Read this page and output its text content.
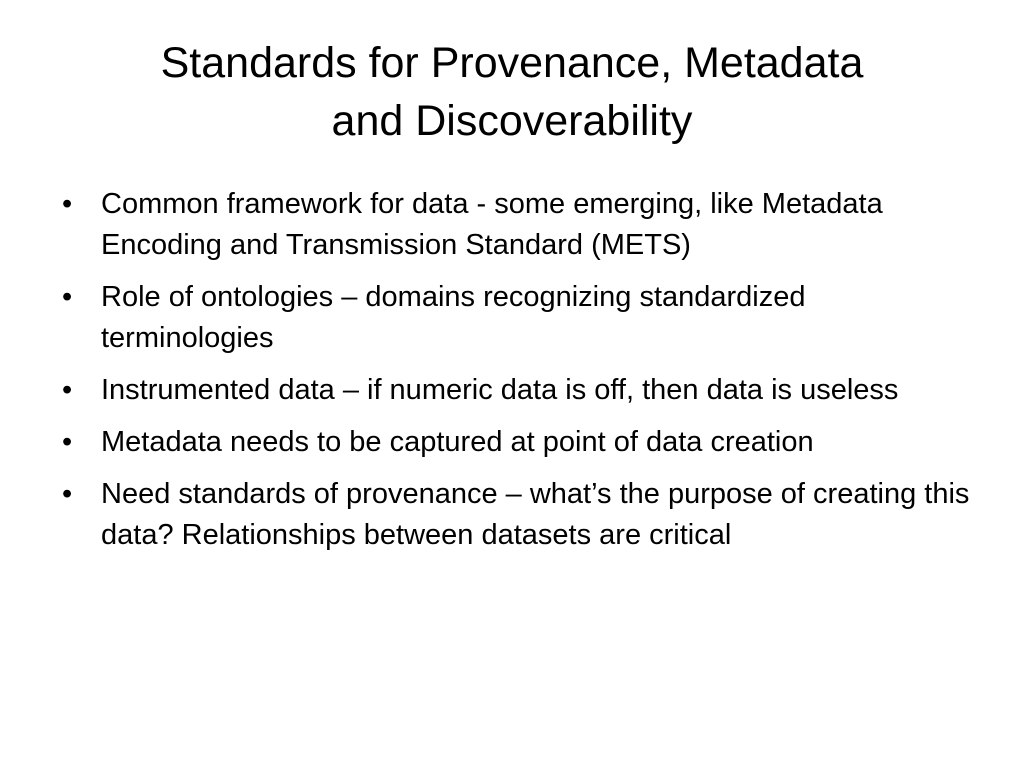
Standards for Provenance, Metadata
and Discoverability
• Common framework for data - some emerging, like Metadata Encoding and Transmission Standard (METS)
• Role of ontologies – domains recognizing standardized terminologies
• Instrumented data – if numeric data is off, then data is useless
• Metadata needs to be captured at point of data creation
• Need standards of provenance – what’s the purpose of creating this data? Relationships between datasets are critical
